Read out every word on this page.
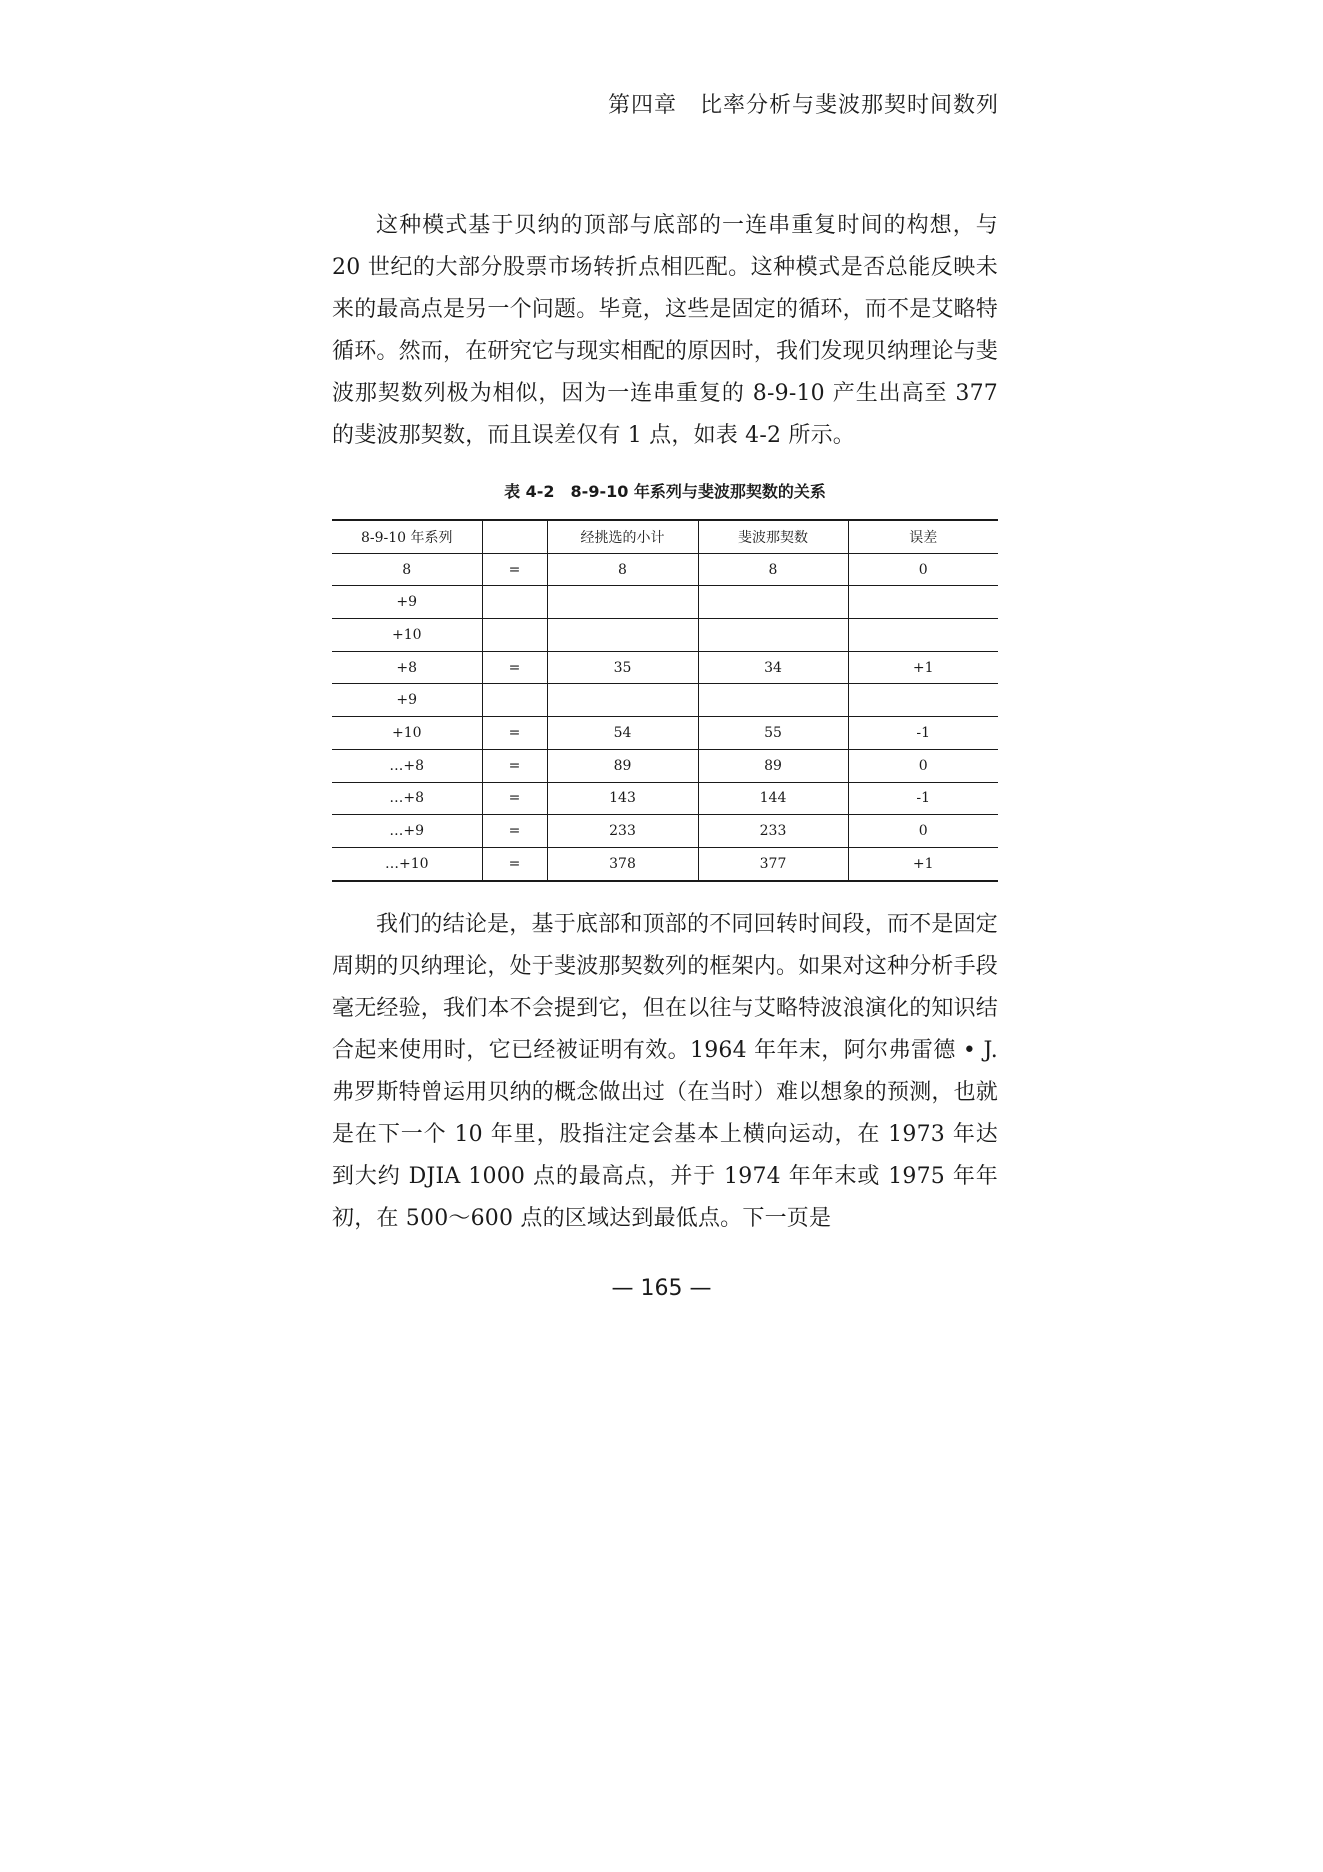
第四章　比率分析与斐波那契时间数列

这种模式基于贝纳的顶部与底部的一连串重复时间的构想，与 20 世纪的大部分股票市场转折点相匹配。这种模式是否总能反映未来的最高点是另一个问题。毕竟，这些是固定的循环，而不是艾略特循环。然而，在研究它与现实相配的原因时，我们发现贝纳理论与斐波那契数列极为相似，因为一连串重复的 8-9-10 产生出高至 377 的斐波那契数，而且误差仅有 1 点，如表 4-2 所示。

表 4-2　8-9-10 年系列与斐波那契数的关系
8-9-10 年系列		经挑选的小计	斐波那契数	误差
8	=	8	8	0
+9				
+10				
+8	=	35	34	+1
+9				
+10	=	54	55	-1
…+8	=	89	89	0
…+8	=	143	144	-1
…+9	=	233	233	0
…+10	=	378	377	+1

我们的结论是，基于底部和顶部的不同回转时间段，而不是固定周期的贝纳理论，处于斐波那契数列的框架内。如果对这种分析手段毫无经验，我们本不会提到它，但在以往与艾略特波浪演化的知识结合起来使用时，它已经被证明有效。1964 年年末，阿尔弗雷德 • J.弗罗斯特曾运用贝纳的概念做出过（在当时）难以想象的预测，也就是在下一个 10 年里，股指注定会基本上横向运动，在 1973 年达到大约 DJIA 1000 点的最高点，并于 1974 年年末或 1975 年年初，在 500～600 点的区域达到最低点。下一页是

— 165 —
